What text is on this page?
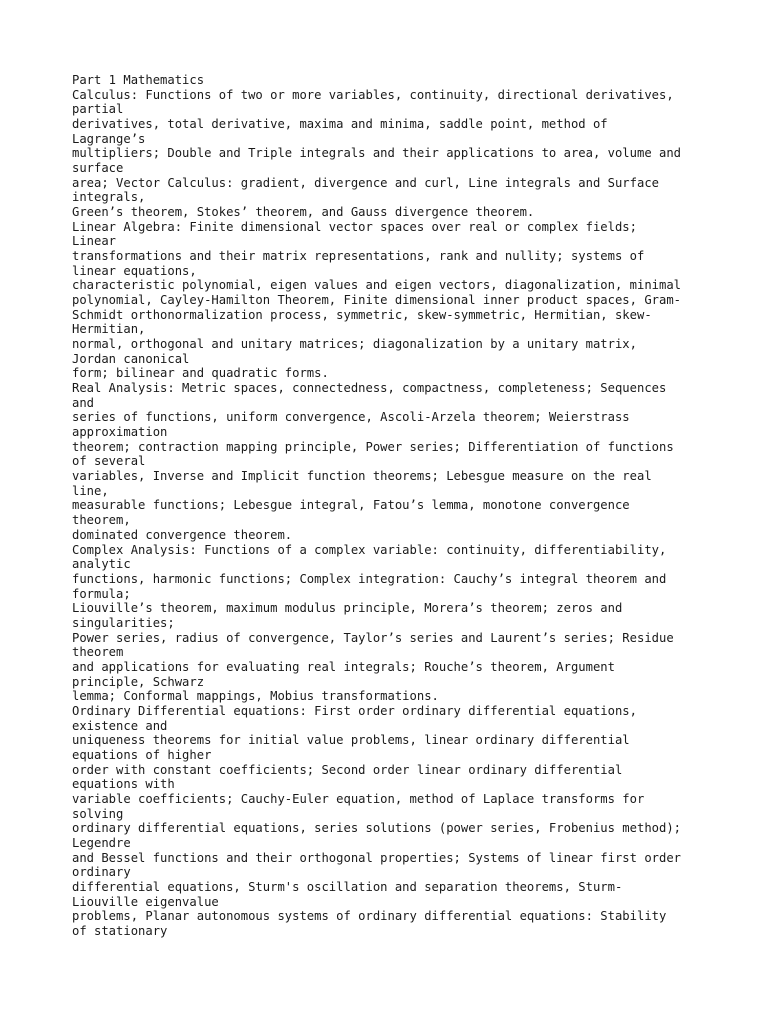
Part 1 Mathematics
Calculus: Functions of two or more variables, continuity, directional derivatives,
partial
derivatives, total derivative, maxima and minima, saddle point, method of
Lagrange’s
multipliers; Double and Triple integrals and their applications to area, volume and
surface
area; Vector Calculus: gradient, divergence and curl, Line integrals and Surface
integrals,
Green’s theorem, Stokes’ theorem, and Gauss divergence theorem.
Linear Algebra: Finite dimensional vector spaces over real or complex fields;
Linear
transformations and their matrix representations, rank and nullity; systems of
linear equations,
characteristic polynomial, eigen values and eigen vectors, diagonalization, minimal
polynomial, Cayley-Hamilton Theorem, Finite dimensional inner product spaces, Gram-
Schmidt orthonormalization process, symmetric, skew-symmetric, Hermitian, skew-
Hermitian,
normal, orthogonal and unitary matrices; diagonalization by a unitary matrix,
Jordan canonical
form; bilinear and quadratic forms.
Real Analysis: Metric spaces, connectedness, compactness, completeness; Sequences
and
series of functions, uniform convergence, Ascoli-Arzela theorem; Weierstrass
approximation
theorem; contraction mapping principle, Power series; Differentiation of functions
of several
variables, Inverse and Implicit function theorems; Lebesgue measure on the real
line,
measurable functions; Lebesgue integral, Fatou’s lemma, monotone convergence
theorem,
dominated convergence theorem.
Complex Analysis: Functions of a complex variable: continuity, differentiability,
analytic
functions, harmonic functions; Complex integration: Cauchy’s integral theorem and
formula;
Liouville’s theorem, maximum modulus principle, Morera’s theorem; zeros and
singularities;
Power series, radius of convergence, Taylor’s series and Laurent’s series; Residue
theorem
and applications for evaluating real integrals; Rouche’s theorem, Argument
principle, Schwarz
lemma; Conformal mappings, Mobius transformations.
Ordinary Differential equations: First order ordinary differential equations,
existence and
uniqueness theorems for initial value problems, linear ordinary differential
equations of higher
order with constant coefficients; Second order linear ordinary differential
equations with
variable coefficients; Cauchy-Euler equation, method of Laplace transforms for
solving
ordinary differential equations, series solutions (power series, Frobenius method);
Legendre
and Bessel functions and their orthogonal properties; Systems of linear first order
ordinary
differential equations, Sturm's oscillation and separation theorems, Sturm-
Liouville eigenvalue
problems, Planar autonomous systems of ordinary differential equations: Stability
of stationary
